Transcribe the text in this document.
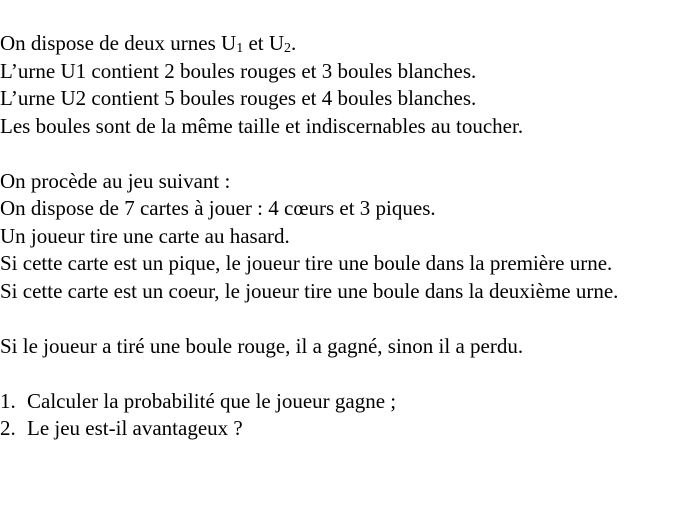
On dispose de deux urnes $U_1$ et $U_2$.
L’urne U1 contient 2 boules rouges et 3 boules blanches.
L’urne U2 contient 5 boules rouges et 4 boules blanches.
Les boules sont de la même taille et indiscernables au toucher.
On procède au jeu suivant :
On dispose de 7 cartes à jouer : 4 cœurs et 3 piques.
Un joueur tire une carte au hasard.
Si cette carte est un pique, le joueur tire une boule dans la première urne.
Si cette carte est un coeur, le joueur tire une boule dans la deuxième urne.
Si le joueur a tiré une boule rouge, il a gagné, sinon il a perdu.
1. Calculer la probabilité que le joueur gagne ;
2. Le jeu est-il avantageux ?
